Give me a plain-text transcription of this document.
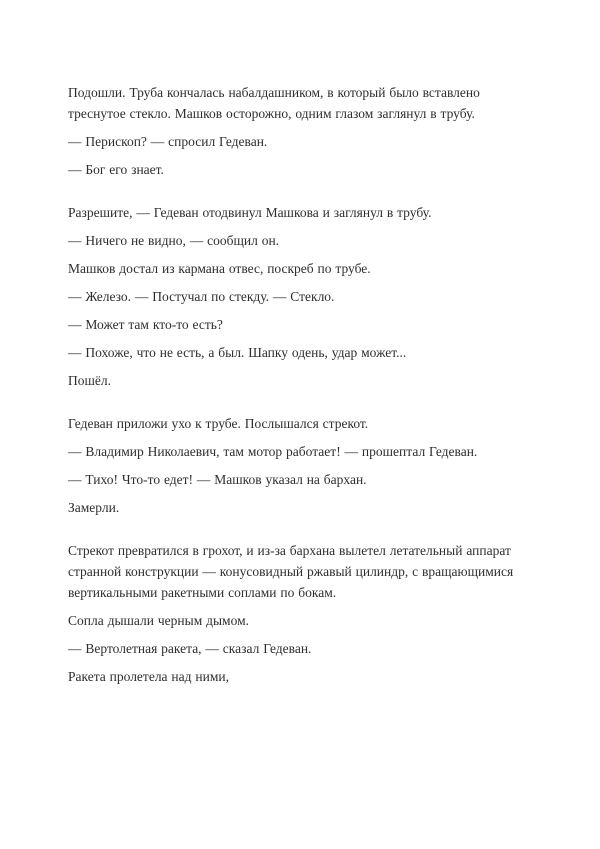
Подошли. Труба кончалась набалдашником, в который было вставлено треснутое стекло. Машков осторожно, одним глазом заглянул в трубу.

— Перископ? — спросил Гедеван.

— Бог его знает.

Разрешите, — Гедеван отодвинул Машкова и заглянул в трубу.

— Ничего не видно, — сообщил он.

Машков достал из кармана отвес, поскреб по трубе.

— Железо. — Постучал по стекду. — Стекло.

— Может там кто-то есть?

— Похоже, что не есть, а был. Шапку одень, удар может...

Пошёл.

Гедеван приложи ухо к трубе. Послышался стрекот.

— Владимир Николаевич, там мотор работает! — прошептал Гедеван.

— Тихо! Что-то едет! — Машков указал на бархан.

Замерли.

Стрекот превратился в грохот, и из-за бархана вылетел летательный аппарат странной конструкции — конусовидный ржавый цилиндр, с вращающимися вертикальными ракетными соплами по бокам.

Сопла дышали черным дымом.

— Вертолетная ракета, — сказал Гедеван.

Ракета пролетела над ними,
